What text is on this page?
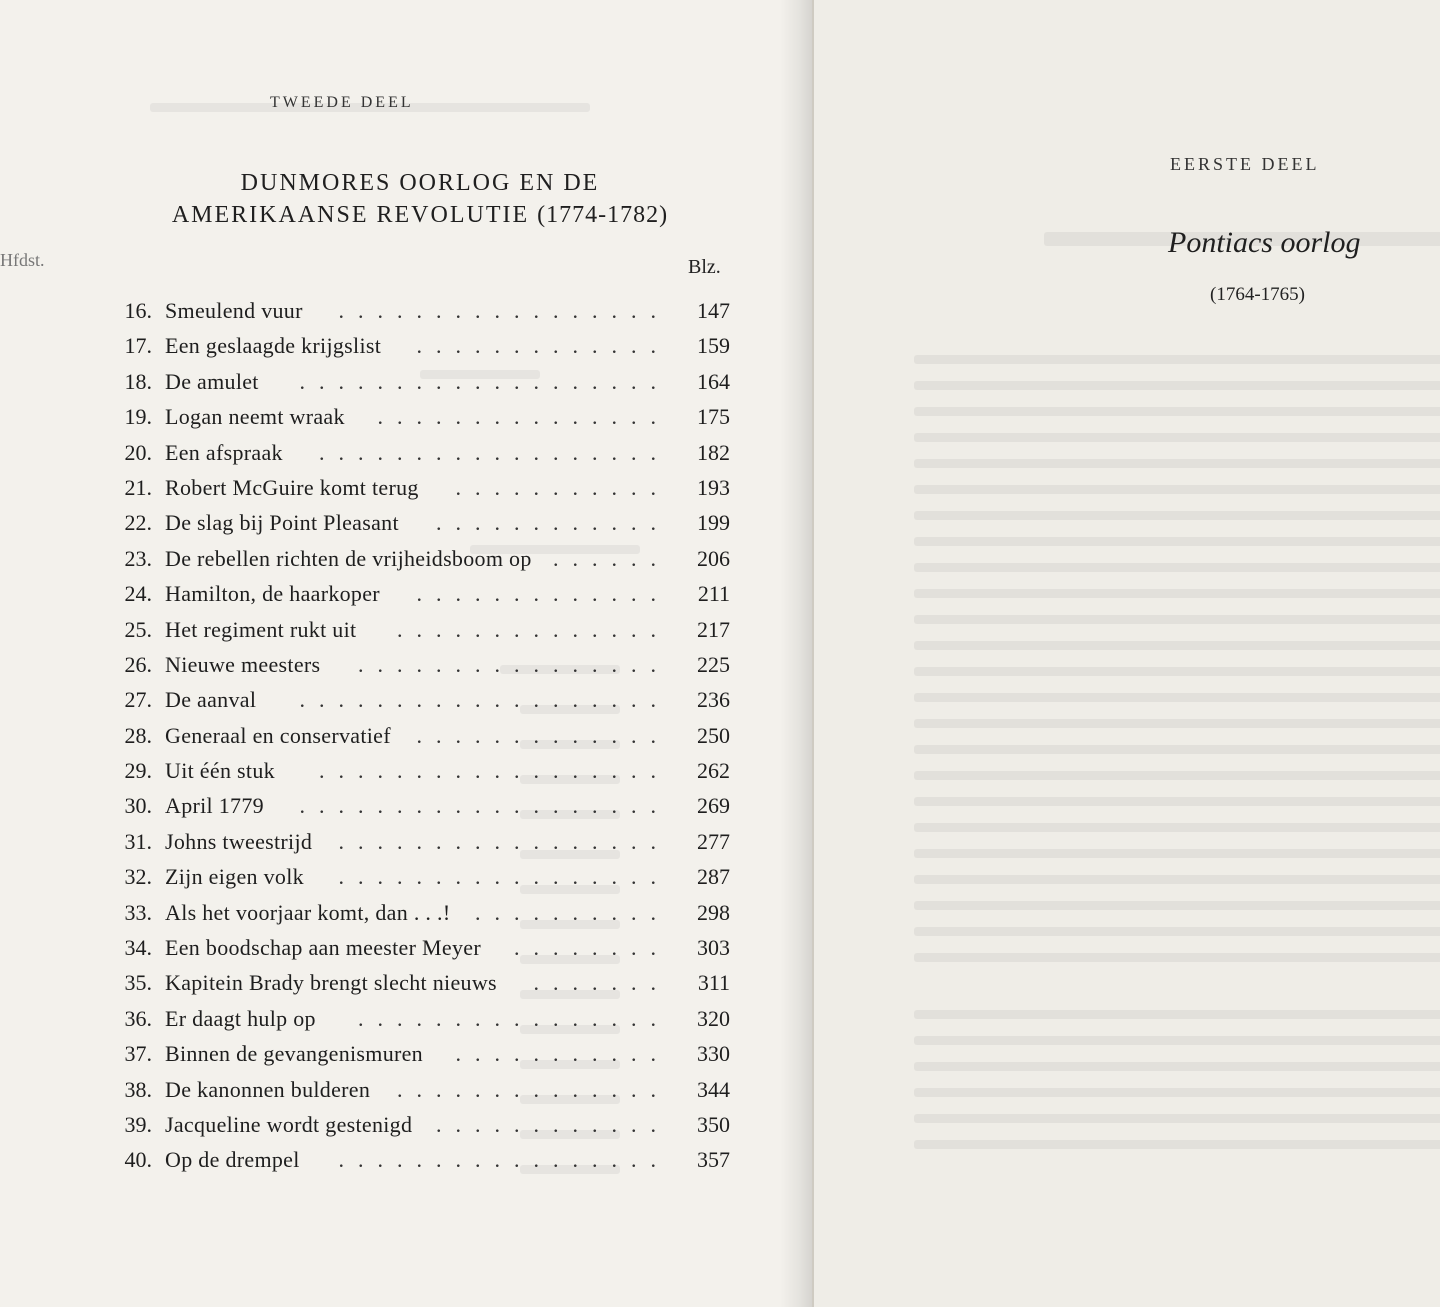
TWEEDE DEEL
DUNMORES OORLOG EN DE
AMERIKAANSE REVOLUTIE (1774-1782)
Hfdst.	Blz.
16. Smeulend vuur .................	147
17. Een geslaagde krijgslist .............	159
18. De amulet ...................	164
19. Logan neemt wraak ...............	175
20. Een afspraak ..................	182
21. Robert McGuire komt terug ...........	193
22. De slag bij Point Pleasant ............	199
23. De rebellen richten de vrijheidsboom op ......	206
24. Hamilton, de haarkoper .............	211
25. Het regiment rukt uit ..............	217
26. Nieuwe meesters ................	225
27. De aanval ...................	236
28. Generaal en conservatief .............	250
29. Uit één stuk ..................	262
30. April 1779 ...................	269
31. Johns tweestrijd .................	277
32. Zijn eigen volk .................	287
33. Als het voorjaar komt, dan . . .! ..........	298
34. Een boodschap aan meester Meyer ........	303
35. Kapitein Brady brengt slecht nieuws .......	311
36. Er daagt hulp op ................	320
37. Binnen de gevangenismuren ...........	330
38. De kanonnen bulderen ..............	344
39. Jacqueline wordt gestenigd ............	350
40. Op de drempel .................	357
EERSTE DEEL
Pontiacs oorlog
(1764-1765)
